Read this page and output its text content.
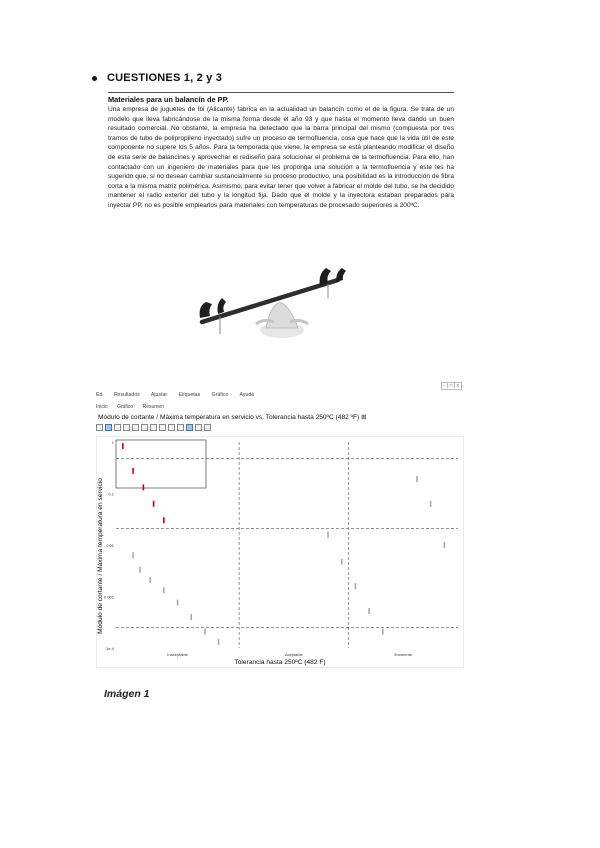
CUESTIONES 1, 2 y 3
Materiales para un balancín de PP.
Una empresa de juguetes de Ibi (Alicante) fabrica en la actualidad un balancín como el de la figura. Se trata de un modelo que lleva fabricándose de la misma forma desde el año 93 y que hasta el momento lleva dando un buen resultado comercial. No obstante, la empresa ha detectado que la barra principal del mismo (compuesta por tres tramos de tubo de polipropileno inyectado) sufre un proceso de termofluencia, cosa que hace que la vida útil de este componente no supere los 5 años. Para la temporada que viene, la empresa se está planteando modificar el diseño de esta serie de balancines y aprovechar el rediseño para solucionar el problema de la termofluencia. Para ello, han contactado con un ingeniero de materiales para que les proponga una solución a la termofluencia y este les ha sugerido que, si no desean cambiar sustancialmente su proceso productivo, una posibilidad es la introducción de fibra corta a la misma matriz polimérica. Asimismo, para evitar tener que volver a fabricar el molde del tubo, se ha decidido mantener el radio exterior del tubo y la longitud fija. Dado que el molde y la inyectora estaban preparados para inyectar PP, no es posible emplearlos para materiales con temperaturas de procesado superiores a 200ºC.
- | □ | x
Ed Resultados Ajustar Etiquetas Gráfico Ayuda
Inicio Gráfico Resumen
Módulo de cortante / Máxima temperatura en servicio vs. Tolerancia hasta 250ºC (482 ºF) ⊞
Módulo de cortante / Máxima temperatura en servicio
Tolerancia hasta 250ºC (482 F)
1
0.1
0.01
0.001
1e-4
Inaceptable	Aceptable	Excelente
Imágen 1
